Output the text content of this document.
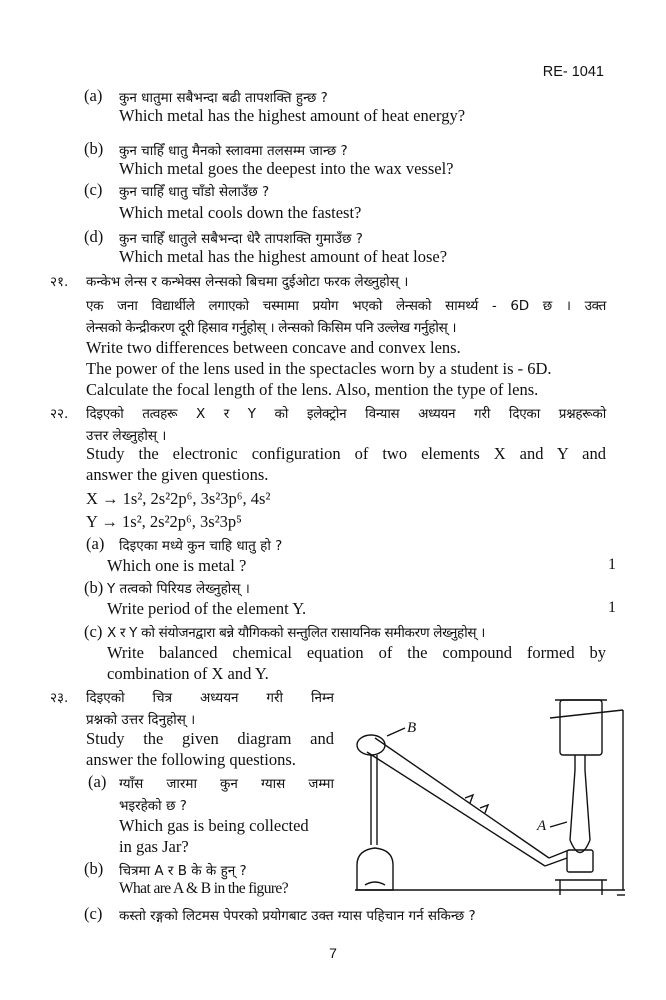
RE- 1041
(a) कुन धातुमा सबैभन्दा बढी तापशक्ति हुन्छ ?
Which metal has the highest amount of heat energy?
(b) कुन चाहिँ धातु मैनको स्लावमा तलसम्म जान्छ ?
Which metal goes the deepest into the wax vessel?
(c) कुन चाहिँ धातु चाँडो सेलाउँछ ?
Which metal cools down the fastest?
(d) कुन चाहिँ धातुले सबैभन्दा धेरै तापशक्ति गुमाउँछ ?
Which metal has the highest amount of heat lose?
२१. कन्केभ लेन्स र कन्भेक्स लेन्सको बिचमा दुईओटा फरक लेख्नुहोस् ।
एक जना विद्यार्थीले लगाएको चस्मामा प्रयोग भएको लेन्सको सामर्थ्य - 6D छ । उक्त
लेन्सको केन्द्रीकरण दूरी हिसाव गर्नुहोस् । लेन्सको किसिम पनि उल्लेख गर्नुहोस् ।
Write two differences between concave and convex lens.
The power of the lens used in the spectacles worn by a student is - 6D.
Calculate the focal length of the lens. Also, mention the type of lens.
२२. दिइएको तत्वहरू X र Y को इलेक्ट्रोन विन्यास अध्ययन गरी दिएका प्रश्नहरूको
उत्तर लेख्नुहोस् ।
Study the electronic configuration of two elements X and Y and
answer the given questions.
X → 1s², 2s²2p⁶, 3s²3p⁶, 4s²
Y → 1s², 2s²2p⁶, 3s²3p⁵
(a) दिइएका मध्ये कुन चाहि धातु हो ?
Which one is metal ?	1
(b) Y तत्वको पिरियड लेख्नुहोस् ।
Write period of the element Y.	1
(c) X र Y को संयोजनद्वारा बन्ने यौगिकको सन्तुलित रासायनिक समीकरण लेख्नुहोस् ।
Write balanced chemical equation of the compound formed by
combination of X and Y.
२३. दिइएको चित्र अध्ययन गरी निम्न
प्रश्नको उत्तर दिनुहोस् ।
Study the given diagram and
answer the following questions.
(a) ग्याँस जारमा कुन ग्यास जम्मा
भइरहेको छ ?
Which gas is being collected
in gas Jar?
(b) चित्रमा A र B के के हुन् ?
What are A & B in the figure?
(c) कस्तो रङ्गको लिटमस पेपरको प्रयोगबाट उक्त ग्यास पहिचान गर्न सकिन्छ ?
B
A
7
